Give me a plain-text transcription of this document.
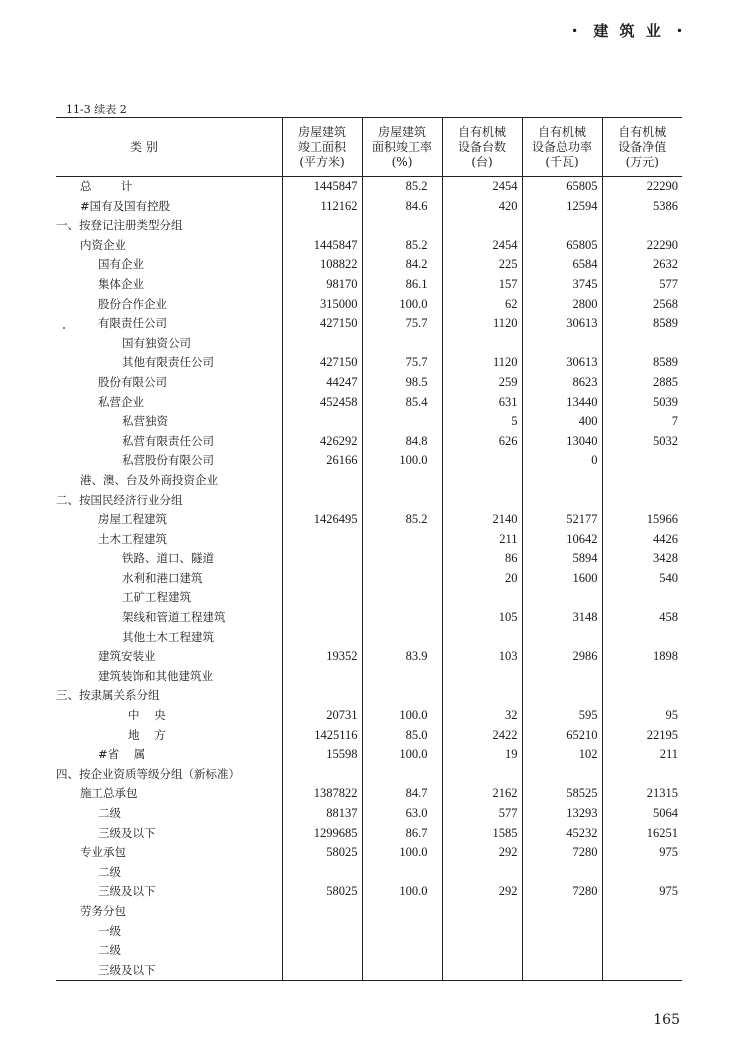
・ 建 筑 业 ・
11-3 续表 2
类 别	房屋建筑
竣工面积
(平方米)	房屋建筑
面积竣工率
(%)	自有机械
设备台数
(台)	自有机械
设备总功率
(千瓦)	自有机械
设备净值
(万元)
总        计	1445847	85.2	2454	65805	22290
#国有及国有控股	112162	84.6	420	12594	5386
一、按登记注册类型分组					
内资企业	1445847	85.2	2454	65805	22290
国有企业	108822	84.2	225	6584	2632
集体企业	98170	86.1	157	3745	577
股份合作企业	315000	100.0	62	2800	2568
有限责任公司	427150	75.7	1120	30613	8589
国有独资公司					
其他有限责任公司	427150	75.7	1120	30613	8589
股份有限公司	44247	98.5	259	8623	2885
私营企业	452458	85.4	631	13440	5039
私营独资			5	400	7
私营有限责任公司	426292	84.8	626	13040	5032
私营股份有限公司	26166	100.0		0	
港、澳、台及外商投资企业					
二、按国民经济行业分组					
房屋工程建筑	1426495	85.2	2140	52177	15966
土木工程建筑			211	10642	4426
铁路、道口、隧道			86	5894	3428
水利和港口建筑			20	1600	540
工矿工程建筑					
架线和管道工程建筑			105	3148	458
其他土木工程建筑					
建筑安装业	19352	83.9	103	2986	1898
建筑装饰和其他建筑业					
三、按隶属关系分组					
中    央	20731	100.0	32	595	95
地    方	1425116	85.0	2422	65210	22195
#省    属	15598	100.0	19	102	211
四、按企业资质等级分组（新标准）					
施工总承包	1387822	84.7	2162	58525	21315
二级	88137	63.0	577	13293	5064
三级及以下	1299685	86.7	1585	45232	16251
专业承包	58025	100.0	292	7280	975
二级					
三级及以下	58025	100.0	292	7280	975
劳务分包					
一级					
二级					
三级及以下					
165
